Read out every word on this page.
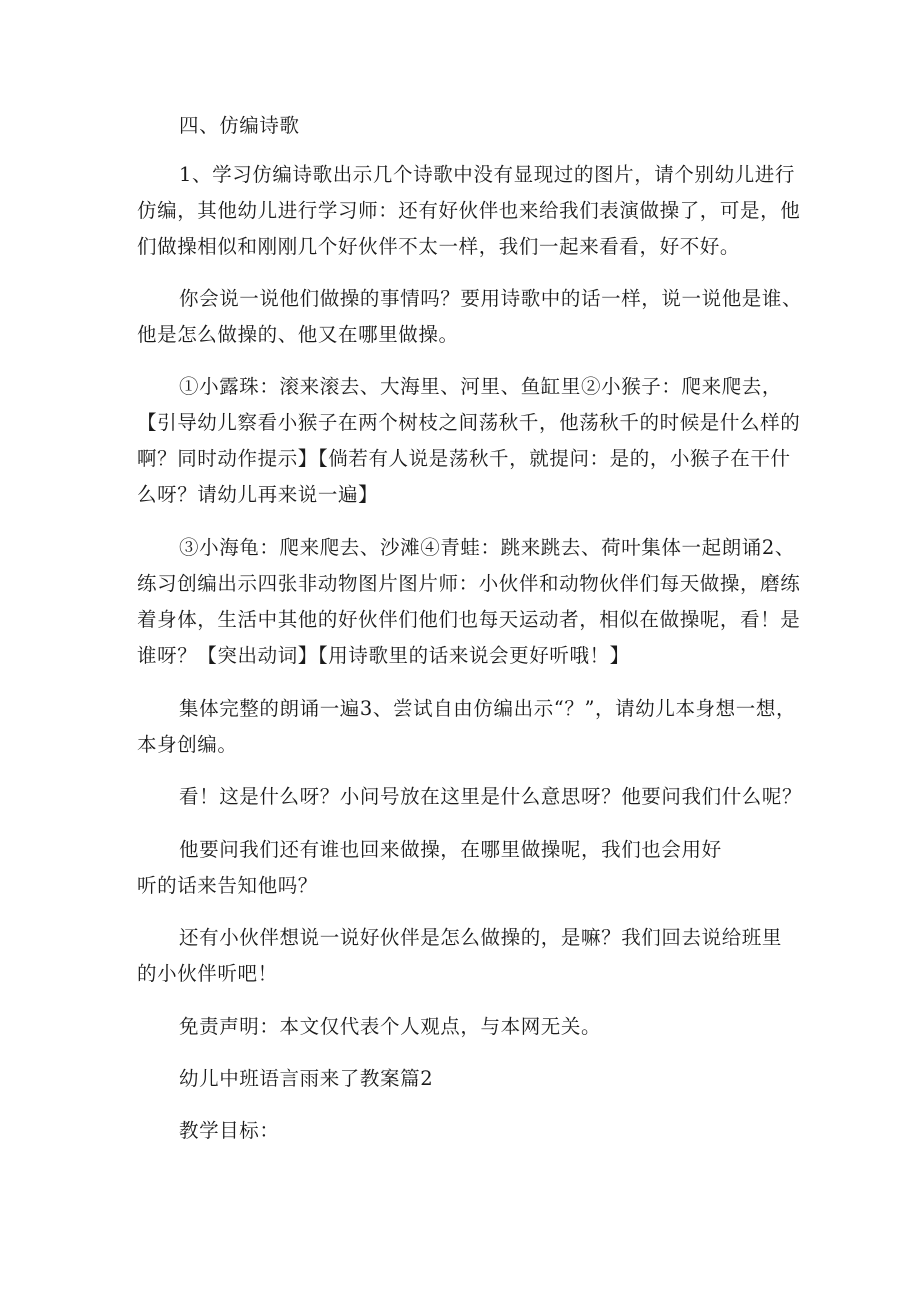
四、仿编诗歌
1、学习仿编诗歌出示几个诗歌中没有显现过的图片，请个别幼儿进行
仿编，其他幼儿进行学习师：还有好伙伴也来给我们表演做操了，可是，他
们做操相似和刚刚几个好伙伴不太一样，我们一起来看看，好不好。
你会说一说他们做操的事情吗？要用诗歌中的话一样，说一说他是谁、
他是怎么做操的、他又在哪里做操。
①小露珠：滚来滚去、大海里、河里、鱼缸里②小猴子：爬来爬去，
【引导幼儿察看小猴子在两个树枝之间荡秋千，他荡秋千的时候是什么样的
啊？同时动作提示】【倘若有人说是荡秋千，就提问：是的，小猴子在干什
么呀？请幼儿再来说一遍】
③小海龟：爬来爬去、沙滩④青蛙：跳来跳去、荷叶集体一起朗诵2、
练习创编出示四张非动物图片图片师：小伙伴和动物伙伴们每天做操，磨练
着身体，生活中其他的好伙伴们他们也每天运动者，相似在做操呢，看！是
谁呀？【突出动词】【用诗歌里的话来说会更好听哦！】
集体完整的朗诵一遍3、尝试自由仿编出示“？”，请幼儿本身想一想，
本身创编。
看！这是什么呀？小问号放在这里是什么意思呀？他要问我们什么呢？
他要问我们还有谁也回来做操，在哪里做操呢，我们也会用好
听的话来告知他吗？
还有小伙伴想说一说好伙伴是怎么做操的，是嘛？我们回去说给班里
的小伙伴听吧！
免责声明：本文仅代表个人观点，与本网无关。
幼儿中班语言雨来了教案篇2
教学目标：
